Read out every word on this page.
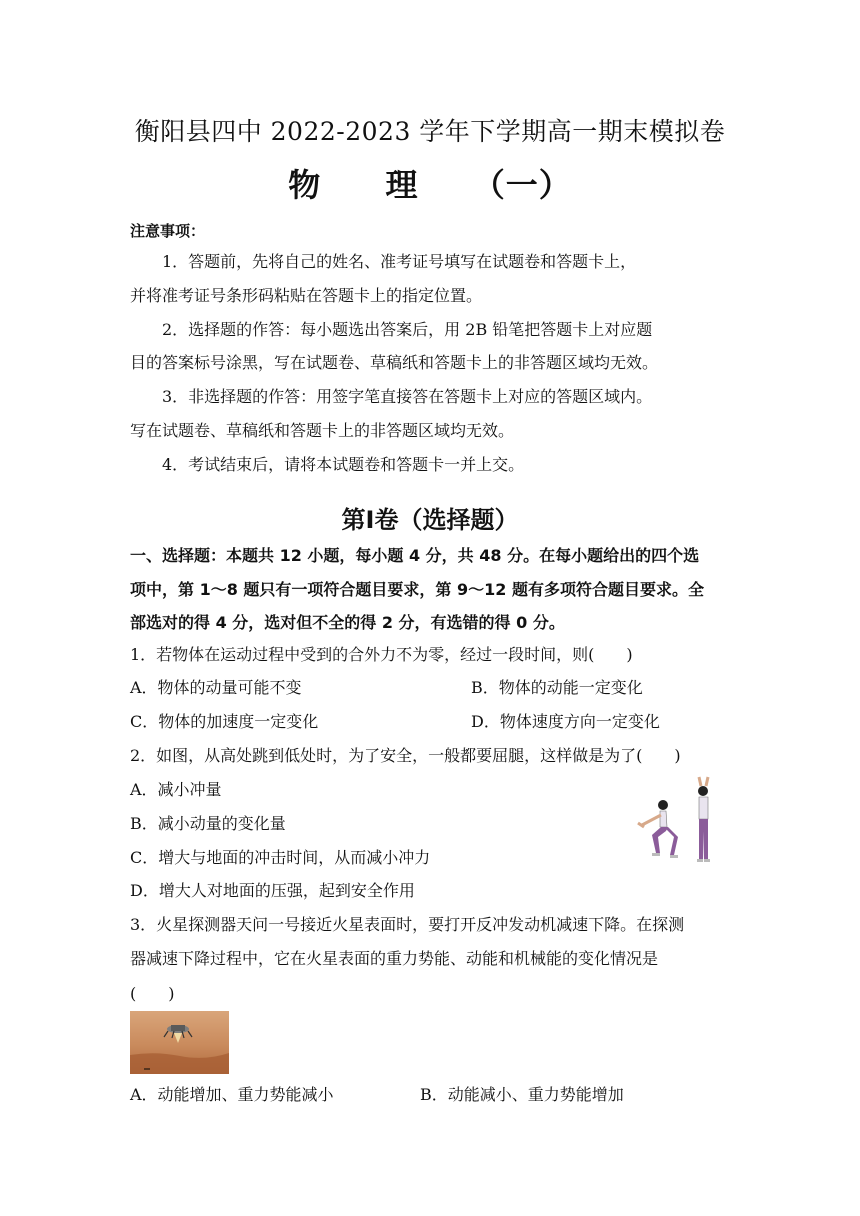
衡阳县四中 2022-2023 学年下学期高一期末模拟卷
物 理 （一）
注意事项：
1．答题前，先将自己的姓名、准考证号填写在试题卷和答题卡上，
并将准考证号条形码粘贴在答题卡上的指定位置。
2．选择题的作答：每小题选出答案后，用 2B 铅笔把答题卡上对应题
目的答案标号涂黑，写在试题卷、草稿纸和答题卡上的非答题区域均无效。
3．非选择题的作答：用签字笔直接答在答题卡上对应的答题区域内。
写在试题卷、草稿纸和答题卡上的非答题区域均无效。
4．考试结束后，请将本试题卷和答题卡一并上交。
第Ⅰ卷（选择题）
一、选择题：本题共 12 小题，每小题 4 分，共 48 分。在每小题给出的四个选
项中，第 1～8 题只有一项符合题目要求，第 9～12 题有多项符合题目要求。全
部选对的得 4 分，选对但不全的得 2 分，有选错的得 0 分。
1．若物体在运动过程中受到的合外力不为零，经过一段时间，则(　　)
A．物体的动量可能不变	B．物体的动能一定变化
C．物体的加速度一定变化	D．物体速度方向一定变化
2．如图，从高处跳到低处时，为了安全，一般都要屈腿，这样做是为了(　　)
A．减小冲量
B．减小动量的变化量
C．增大与地面的冲击时间，从而减小冲力
D．增大人对地面的压强，起到安全作用
3．火星探测器天问一号接近火星表面时，要打开反冲发动机减速下降。在探测
器减速下降过程中，它在火星表面的重力势能、动能和机械能的变化情况是
(　　)
A．动能增加、重力势能减小	B．动能减小、重力势能增加
